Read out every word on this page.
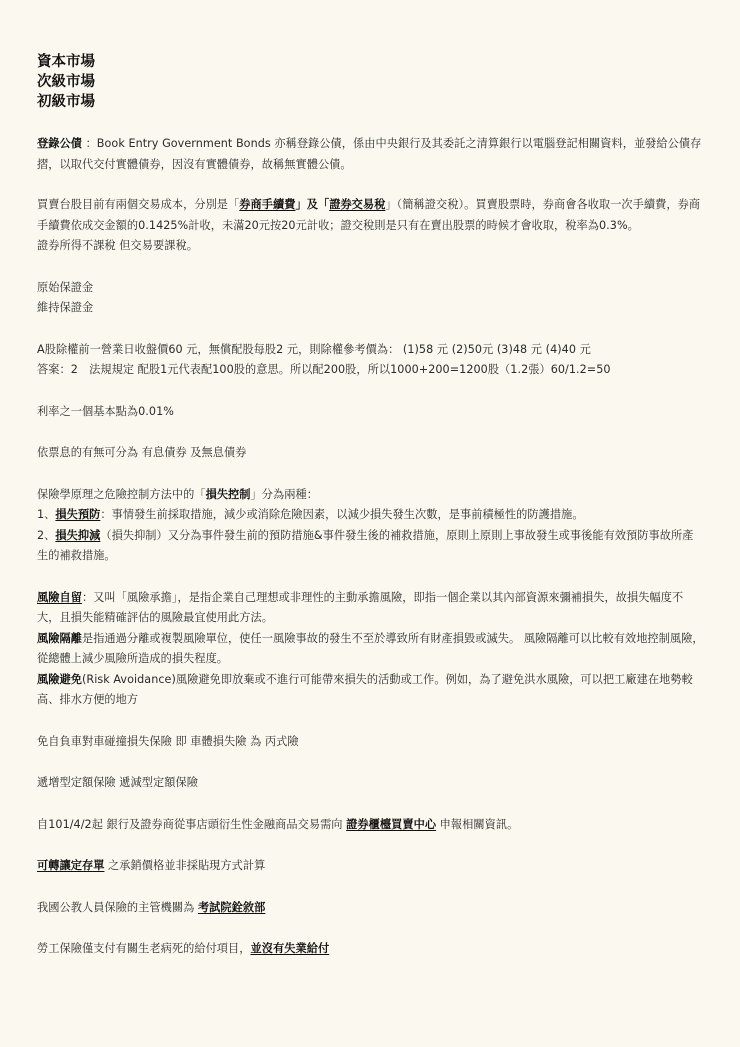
資本市場
次級市場
初級市場

登錄公債 ：Book Entry Government Bonds 亦稱登錄公債，係由中央銀行及其委託之清算銀行以電腦登記相關資料，並發給公債存摺，以取代交付實體債券，因沒有實體債券，故稱無實體公債。

買賣台股目前有兩個交易成本，分別是「券商手續費」及「證券交易稅」（簡稱證交稅）。買賣股票時，券商會各收取一次手續費，券商手續費依成交金額的0.1425%計收，未滿20元按20元計收；證交稅則是只有在賣出股票的時候才會收取，稅率為0.3%。

證券所得不課稅 但交易要課稅。

原始保證金

維持保證金

A股除權前一營業日收盤價60 元，無償配股每股2 元，則除權參考價為： (1)58 元 (2)50元 (3)48 元 (4)40 元

答案：2　法規規定 配股1元代表配100股的意思。所以配200股，所以1000+200=1200股（1.2張）60/1.2=50

利率之一個基本點為0.01%

依票息的有無可分為 有息債券 及無息債券

保險學原理之危險控制方法中的「損失控制」分為兩種：

1、損失預防：事情發生前採取措施，減少或消除危險因素，以減少損失發生次數，是事前積極性的防護措施。

2、損失抑減（損失抑制）又分為事件發生前的預防措施&事件發生後的補救措施，原則上原則上事故發生或事後能有效預防事故所產生的補救措施。

風險自留：又叫「風險承擔」，是指企業自己理想或非理性的主動承擔風險，即指一個企業以其內部資源來彌補損失，故損失幅度不大，且損失能精確評估的風險最宜使用此方法。

風險隔離是指通過分離或複製風險單位，使任一風險事故的發生不至於導致所有財產損毀或滅失。 風險隔離可以比較有效地控制風險，從總體上減少風險所造成的損失程度。

風險避免(Risk Avoidance)風險避免即放棄或不進行可能帶來損失的活動或工作。例如，為了避免洪水風險，可以把工廠建在地勢較高、排水方便的地方

免自負車對車碰撞損失保險 即 車體損失險 為 丙式險

遞增型定額保險 遞減型定額保險

自101/4/2起 銀行及證券商從事店頭衍生性金融商品交易需向 證券櫃檯買賣中心 申報相關資訊。

可轉讓定存單 之承銷價格並非採貼現方式計算

我國公教人員保險的主管機關為 考試院銓敘部

勞工保險僅支付有關生老病死的給付項目，並沒有失業給付
